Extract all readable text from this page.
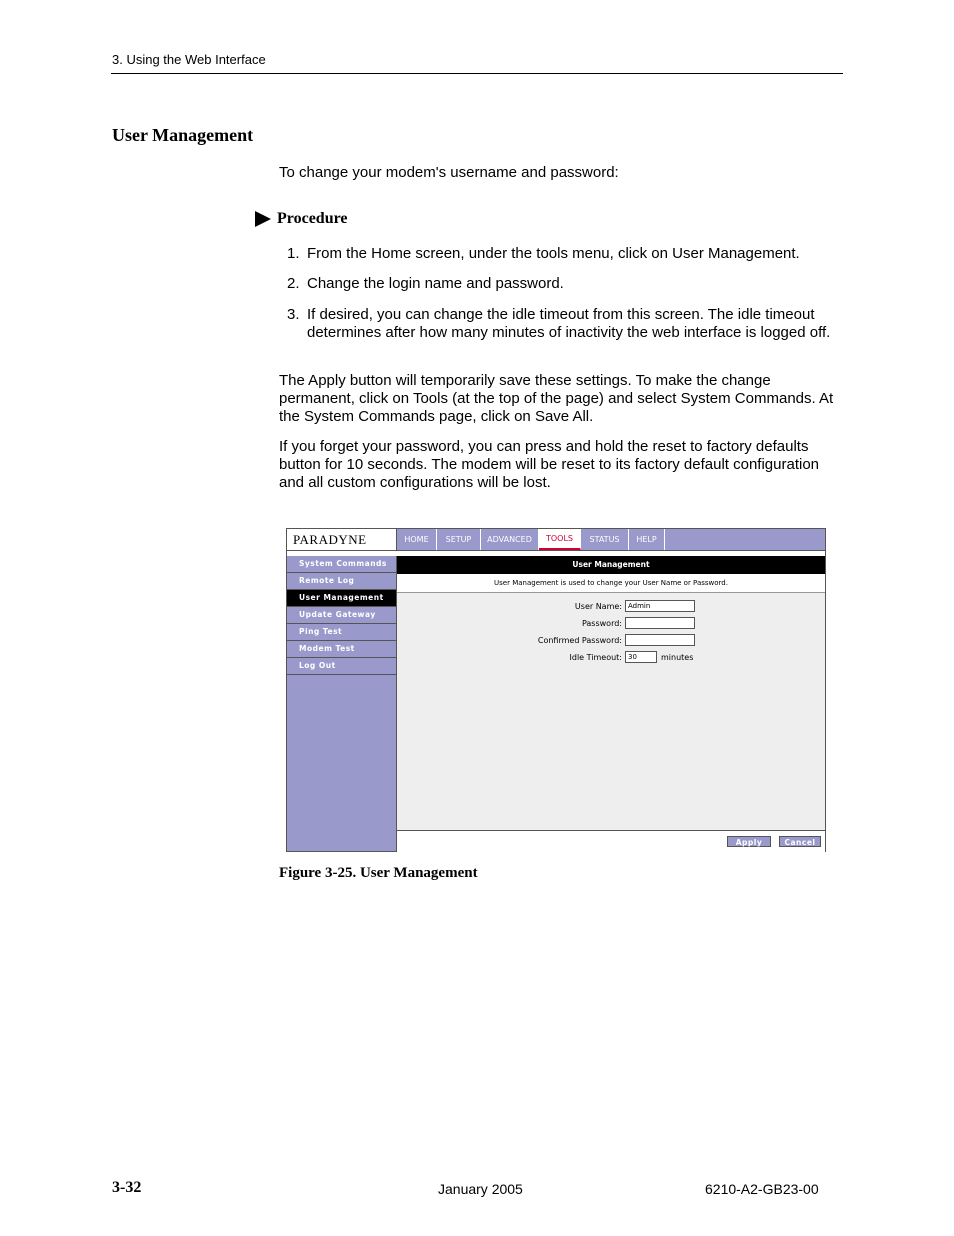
3. Using the Web Interface
User Management
To change your modem's username and password:
Procedure
1. From the Home screen, under the tools menu, click on User Management.
2. Change the login name and password.
3. If desired, you can change the idle timeout from this screen. The idle timeout determines after how many minutes of inactivity the web interface is logged off.
The Apply button will temporarily save these settings. To make the change permanent, click on Tools (at the top of the page) and select System Commands. At the System Commands page, click on Save All.
If you forget your password, you can press and hold the reset to factory defaults button for 10 seconds. The modem will be reset to its factory default configuration and all custom configurations will be lost.
PARADYNE	HOME	SETUP	ADVANCED	TOOLS	STATUS	HELP
System Commands
Remote Log
User Management
Update Gateway
Ping Test
Modem Test
Log Out
User Management
User Management is used to change your User Name or Password.
User Name: Admin
Password:
Confirmed Password:
Idle Timeout: 30	minutes
Apply	Cancel
Figure 3-25. User Management
3-32	January 2005	6210-A2-GB23-00
